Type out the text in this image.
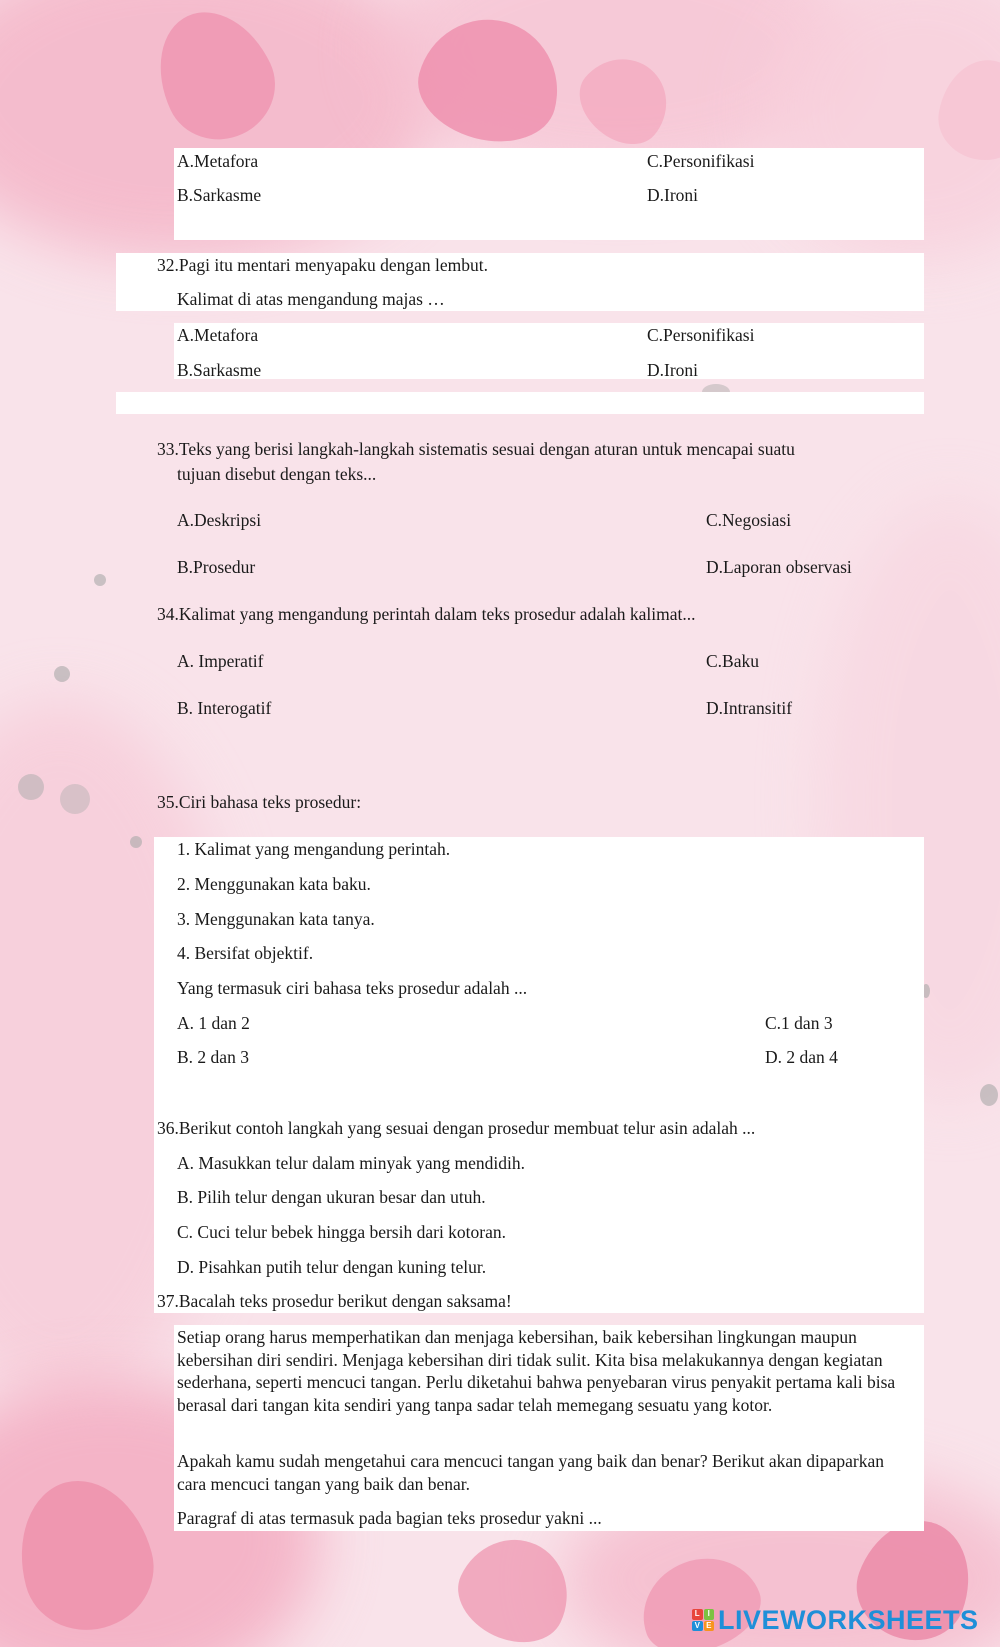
A.Metafora
B.Sarkasme
C.Personifikasi
D.Ironi
32.Pagi itu mentari menyapaku dengan lembut.
Kalimat di atas mengandung majas …
A.Metafora
B.Sarkasme
C.Personifikasi
D.Ironi
33.Teks yang berisi langkah-langkah sistematis sesuai dengan aturan untuk mencapai suatu
tujuan disebut dengan teks...
A.Deskripsi
B.Prosedur
C.Negosiasi
D.Laporan observasi
34.Kalimat yang mengandung perintah dalam teks prosedur adalah kalimat...
A. Imperatif
B. Interogatif
C.Baku
D.Intransitif
35.Ciri bahasa teks prosedur:
1. Kalimat yang mengandung perintah.
2. Menggunakan kata baku.
3. Menggunakan kata tanya.
4. Bersifat objektif.
Yang termasuk ciri bahasa teks prosedur adalah ...
A. 1 dan 2
B. 2 dan 3
C.1 dan 3
D. 2 dan 4
36.Berikut contoh langkah yang sesuai dengan prosedur membuat telur asin adalah ...
A. Masukkan telur dalam minyak yang mendidih.
B. Pilih telur dengan ukuran besar dan utuh.
C. Cuci telur bebek hingga bersih dari kotoran.
D. Pisahkan putih telur dengan kuning telur.
37.Bacalah teks prosedur berikut dengan saksama!
Setiap orang harus memperhatikan dan menjaga kebersihan, baik kebersihan lingkungan maupun kebersihan diri sendiri. Menjaga kebersihan diri tidak sulit. Kita bisa melakukannya dengan kegiatan sederhana, seperti mencuci tangan. Perlu diketahui bahwa penyebaran virus penyakit pertama kali bisa berasal dari tangan kita sendiri yang tanpa sadar telah memegang sesuatu yang kotor.
Apakah kamu sudah mengetahui cara mencuci tangan yang baik dan benar? Berikut akan dipaparkan cara mencuci tangan yang baik dan benar.
Paragraf di atas termasuk pada bagian teks prosedur yakni ...
L I
V E LIVEWORKSHEETS
